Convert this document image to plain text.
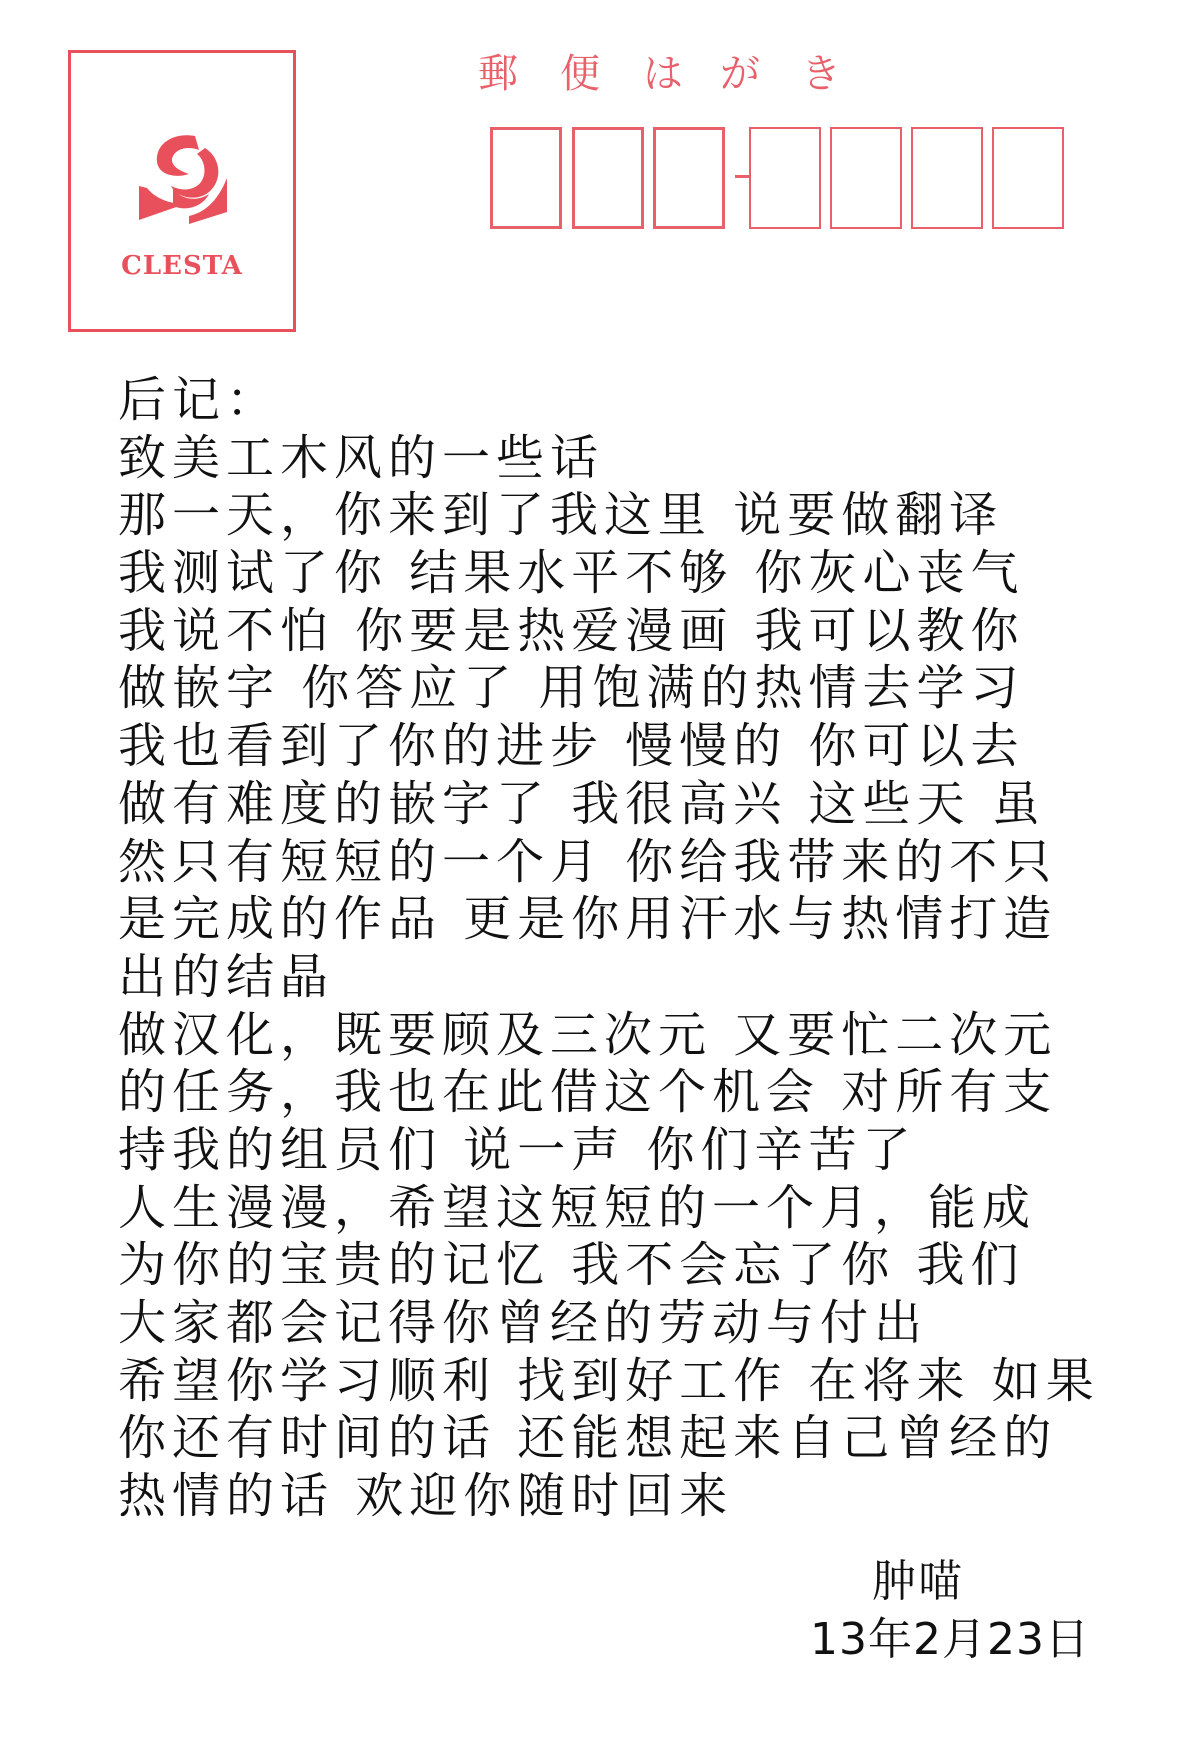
CLESTA
郵 便 は が き
后记：
致美工木风的一些话
那一天，你来到了我这里 说要做翻译
我测试了你 结果水平不够 你灰心丧气
我说不怕 你要是热爱漫画 我可以教你
做嵌字 你答应了 用饱满的热情去学习
我也看到了你的进步 慢慢的 你可以去
做有难度的嵌字了 我很高兴 这些天 虽
然只有短短的一个月 你给我带来的不只
是完成的作品 更是你用汗水与热情打造
出的结晶
做汉化，既要顾及三次元 又要忙二次元
的任务，我也在此借这个机会 对所有支
持我的组员们 说一声 你们辛苦了
人生漫漫，希望这短短的一个月，能成
为你的宝贵的记忆 我不会忘了你 我们
大家都会记得你曾经的劳动与付出
希望你学习顺利 找到好工作 在将来 如果
你还有时间的话 还能想起来自己曾经的
热情的话 欢迎你随时回来
肿喵
13年2月23日
